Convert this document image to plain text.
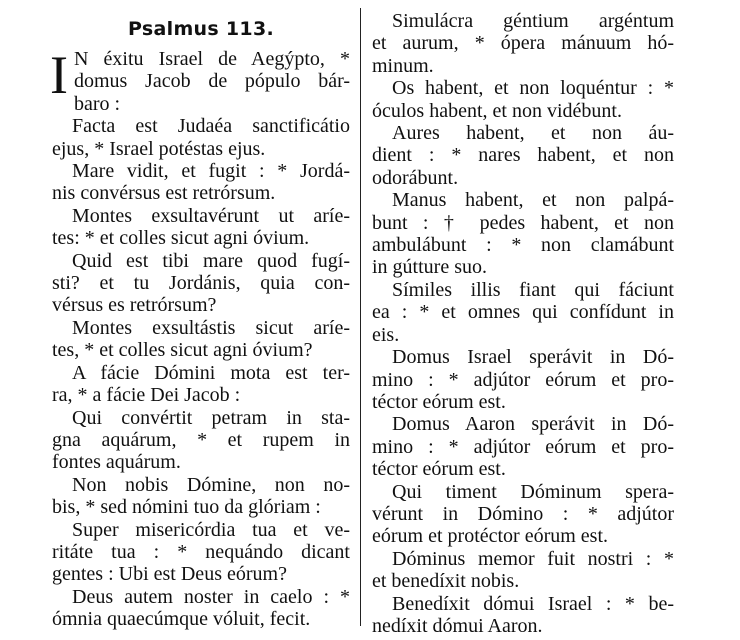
Psalmus 113.
I N éxitu Israel de Aegýpto, *
domus Jacob de pópulo bár-
baro :
Facta est Judaéa sanctificátio
ejus, * Israel potéstas ejus.
Mare vidit, et fugit : * Jordá-
nis convérsus est retrórsum.
Montes exsultavérunt ut aríe-
tes: * et colles sicut agni óvium.
Quid est tibi mare quod fugí-
sti? et tu Jordánis, quia con-
vérsus es retrórsum?
Montes exsultástis sicut aríe-
tes, * et colles sicut agni óvium?
A fácie Dómini mota est ter-
ra, * a fácie Dei Jacob :
Qui convértit petram in sta-
gna aquárum, * et rupem in
fontes aquárum.
Non nobis Dómine, non no-
bis, * sed nómini tuo da glóriam :
Super misericórdia tua et ve-
ritáte tua : * nequándo dicant
gentes : Ubi est Deus eórum?
Deus autem noster in caelo : *
ómnia quaecúmque vóluit, fecit.
Simulácra géntium argéntum
et aurum, * ópera mánuum hó-
minum.
Os habent, et non loquéntur : *
óculos habent, et non vidébunt.
Aures habent, et non áu-
dient : * nares habent, et non
odorábunt.
Manus habent, et non palpá-
bunt : † pedes habent, et non
ambulábunt : * non clamábunt
in gútture suo.
Símiles illis fiant qui fáciunt
ea : * et omnes qui confídunt in
eis.
Domus Israel sperávit in Dó-
mino : * adjútor eórum et pro-
téctor eórum est.
Domus Aaron sperávit in Dó-
mino : * adjútor eórum et pro-
téctor eórum est.
Qui timent Dóminum spera-
vérunt in Dómino : * adjútor
eórum et protéctor eórum est.
Dóminus memor fuit nostri : *
et benedíxit nobis.
Benedíxit dómui Israel : * be-
nedíxit dómui Aaron.
